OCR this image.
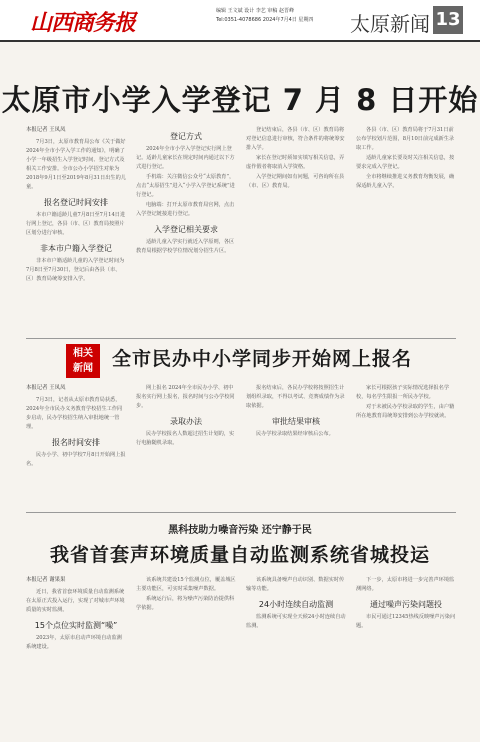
山西商务报	编辑 王文斌 设计 李艺 审稿 赵晋峰
Tel:0351-4078686 2024年7月4日 星期四 太原新闻 13
太原市小学入学登记 7 月 8 日开始
本报记者 王凤凤

7月3日，太原市教育局公布《关于做好2024年全市小学入学工作的通知》，明确了小学一年级招生入学登记时间、登记方式及相关工作安排。全市公办小学招生对象为2018年9月1日至2019年8月31日出生的儿童。

报名登记时间安排

本市户籍适龄儿童7月8日至7月14日进行网上登记，各县（市、区）教育局按照片区划分进行审核。

非本市户籍入学登记

非本市户籍适龄儿童的入学登记时间为7月8日至7月30日，登记后由各县（市、区）教育局统筹安排入学。

登记方式

2024年全市小学入学登记实行网上登记。适龄儿童家长在规定时间内通过以下方式进行登记。

手机端：关注微信公众号“太原教育”，点击“太原招生”进入“小学入学登记系统”进行登记。

电脑端：打开太原市教育局官网，点击入学登记链接进行登记。

入学登记相关要求

适龄儿童入学实行就近入学原则，各区教育局根据学校学位情况划分招生片区。

登记结束后，各县（市、区）教育局将对登记信息进行审核，符合条件的将统筹安排入学。

家长在登记时须如实填写相关信息，弄虚作假者将取消入学资格。

入学登记期间如有问题，可咨询所在县（市、区）教育局。

各县（市、区）教育局将于7月31日前公布学校划片范围，8月10日前完成新生录取工作。

适龄儿童家长要及时关注相关信息，按要求完成入学登记。

全市将继续推进义务教育均衡发展，确保适龄儿童入学。

相关
新闻	全市民办中小学同步开始网上报名
本报记者 王凤凤

7月3日，记者从太原市教育局获悉，2024年全市民办义务教育学校招生工作同步启动，民办学校招生纳入审批地统一管理。

报名时间安排

民办小学、初中学校7月8日开始网上报名。

网上报名 2024年全市民办小学、初中报名实行网上报名，报名时间与公办学校同步。

录取办法

民办学校报名人数超过招生计划的，实行电脑随机录取。

报名结束后，各民办学校将按照招生计划组织录取，不得以考试、竞赛成绩作为录取依据。

审批结果审核

民办学校录取结果经审核后公布。

家长可根据孩子实际情况选择报名学校，每名学生限报一所民办学校。

对于未被民办学校录取的学生，由户籍所在地教育局统筹安排到公办学校就读。

黑科技助力噪音污染 还宁静于民
我省首套声环境质量自动监测系统省城投运
本报记者 谢果果

近日，我省首套环境质量自动监测系统在太原正式投入运行，实现了对城市声环境质量的实时监测。

15个点位实时监测“噪”

2023年，太原市启动声环境自动监测系统建设。

该系统共建设15个监测点位，覆盖城区主要功能区，可实时采集噪声数据。

系统运行后，将为噪声污染防治提供科学依据。

该系统具备噪声自动识别、数据实时传输等功能。

24小时连续自动监测

监测系统可实现全天候24小时连续自动监测。

下一步，太原市将进一步完善声环境监测网络。

通过噪声污染问题投

市民可通过12345热线反映噪声污染问题。
